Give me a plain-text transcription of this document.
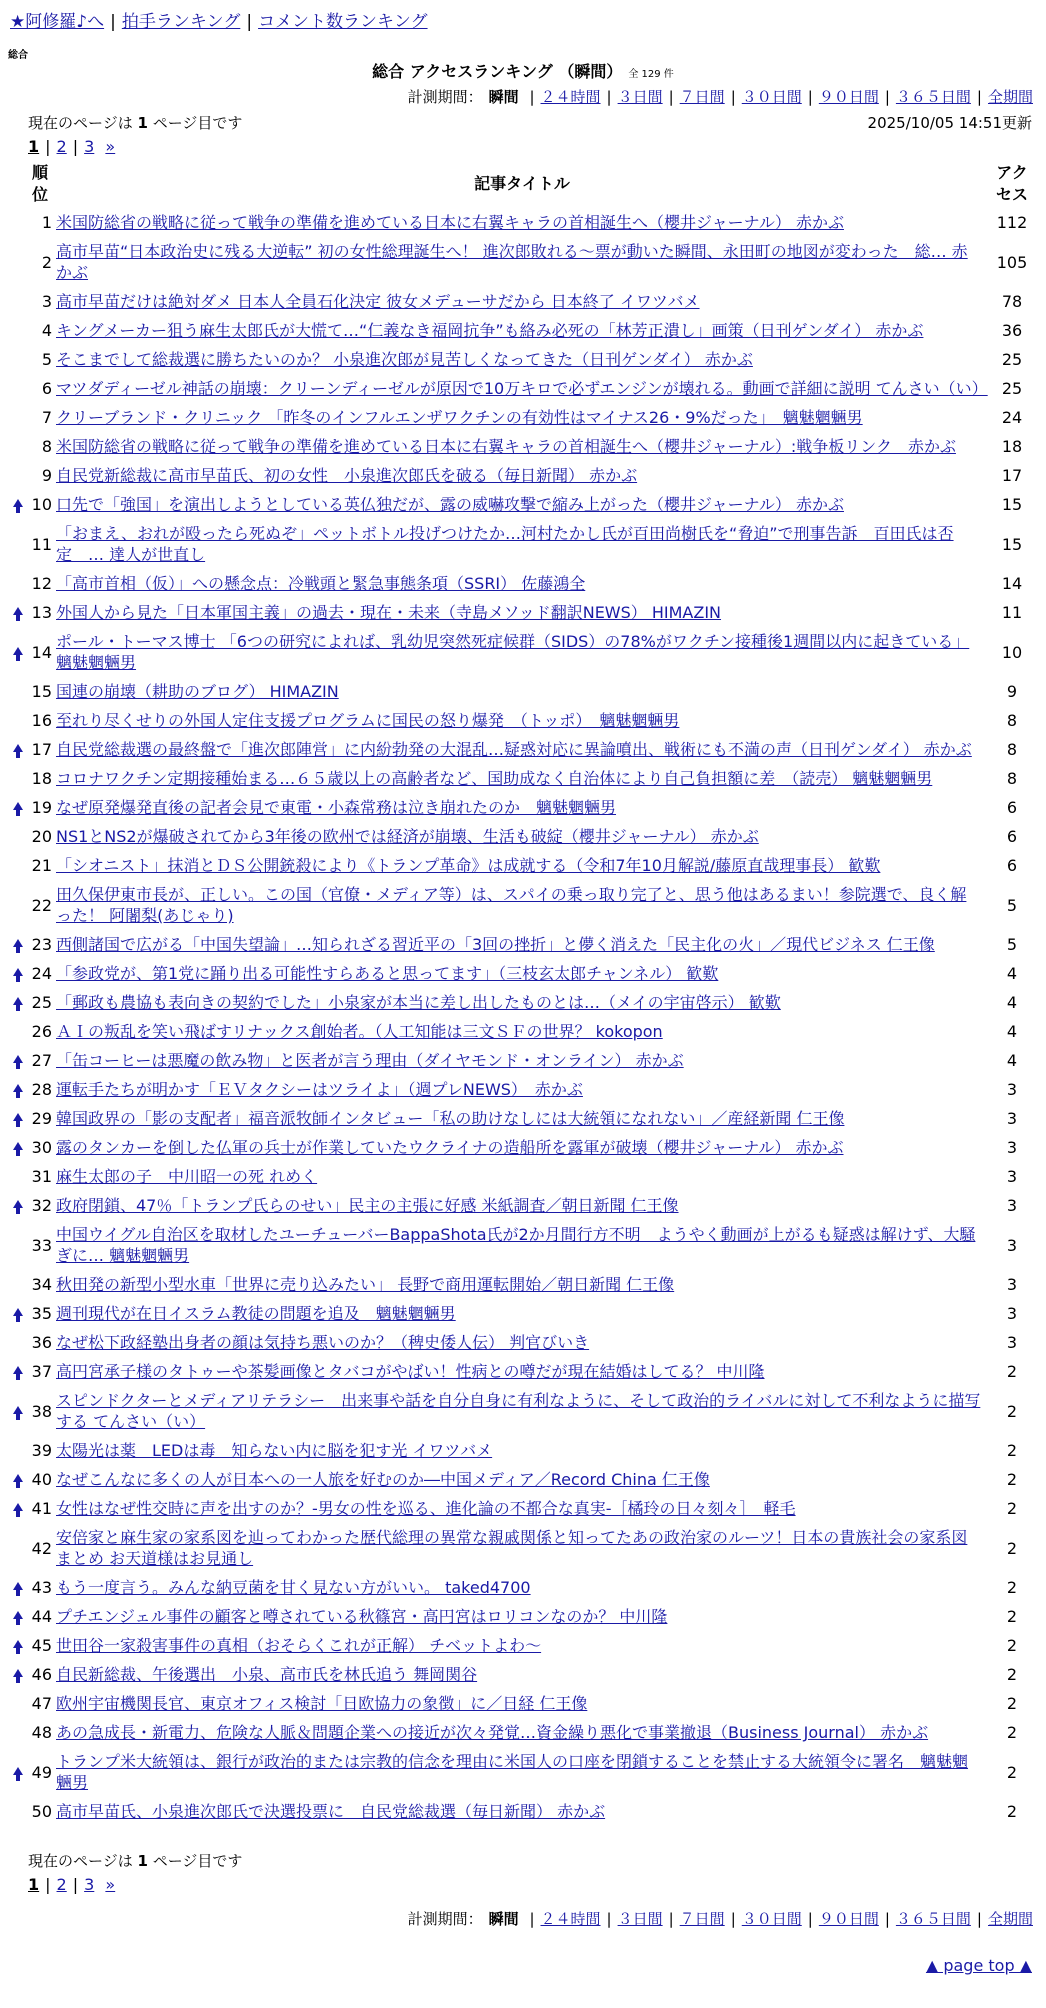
★阿修羅♪へ | 拍手ランキング | コメント数ランキング
総合
総合 アクセスランキング （瞬間） 全 129 件
計測期間： 瞬間 | ２４時間 | ３日間 | ７日間 | ３０日間 | ９０日間 | ３６５日間 | 全期間
現在のページは 1 ページ目です	2025/10/05 14:51更新
1 | 2 | 3 »
順位		記事タイトル	アクセス
	1	米国防総省の戦略に従って戦争の準備を進めている日本に右翼キャラの首相誕生へ（櫻井ジャーナル） 赤かぶ	112
	2	高市早苗“日本政治史に残る大逆転” 初の女性総理誕生へ！ 進次郎敗れる～票が動いた瞬間、永田町の地図が変わった　総… 赤かぶ	105
	3	高市早苗だけは絶対ダメ 日本人全員石化決定 彼女メデューサだから 日本終了 イワツバメ	78
	4	キングメーカー狙う麻生太郎氏が大慌て…“仁義なき福岡抗争”も絡み必死の「林芳正潰し」画策（日刊ゲンダイ） 赤かぶ	36
	5	そこまでして総裁選に勝ちたいのか？ 小泉進次郎が見苦しくなってきた（日刊ゲンダイ） 赤かぶ	25
	6	マツダディーゼル神話の崩壊：クリーンディーゼルが原因で10万キロで必ずエンジンが壊れる。動画で詳細に説明 てんさい（い）	25
	7	クリーブランド・クリニック 「昨冬のインフルエンザワクチンの有効性はマイナス26・9%だった」　魑魅魍魎男	24
	8	米国防総省の戦略に従って戦争の準備を進めている日本に右翼キャラの首相誕生へ（櫻井ジャーナル）:戦争板リンク　赤かぶ	18
	9	自民党新総裁に高市早苗氏、初の女性　小泉進次郎氏を破る（毎日新聞） 赤かぶ	17
	10	口先で「強国」を演出しようとしている英仏独だが、露の威嚇攻撃で縮み上がった（櫻井ジャーナル） 赤かぶ	15
	11	「おまえ、おれが殴ったら死ぬぞ」ペットボトル投げつけたか…河村たかし氏が百田尚樹氏を“脅迫”で刑事告訴　百田氏は否定　… 達人が世直し	15
	12	「高市首相（仮）」への懸念点：冷戦頭と緊急事態条項（SSRI） 佐藤鴻全	14
	13	外国人から見た「日本軍国主義」の過去・現在・未来（寺島メソッド翻訳NEWS） HIMAZIN	11
	14	ポール・トーマス博士 「6つの研究によれば、乳幼児突然死症候群（SIDS）の78%がワクチン接種後1週間以内に起きている」 魑魅魍魎男	10
	15	国連の崩壊（耕助のブログ） HIMAZIN	9
	16	至れり尽くせりの外国人定住支援プログラムに国民の怒り爆発　（トッポ）　魑魅魍魎男	8
	17	自民党総裁選の最終盤で「進次郎陣営」に内紛勃発の大混乱…疑惑対応に異論噴出、戦術にも不満の声（日刊ゲンダイ） 赤かぶ	8
	18	コロナワクチン定期接種始まる…６５歳以上の高齢者など、国助成なく自治体により自己負担額に差　（読売） 魑魅魍魎男	8
	19	なぜ原発爆発直後の記者会見で東電・小森常務は泣き崩れたのか　魑魅魍魎男	6
	20	NS1とNS2が爆破されてから3年後の欧州では経済が崩壊、生活も破綻（櫻井ジャーナル） 赤かぶ	6
	21	「シオニスト」抹消とＤＳ公開銃殺により《トランプ革命》は成就する（令和7年10月解説/藤原直哉理事長） 歓歎	6
	22	田久保伊東市長が、正しい。この国（官僚・メディア等）は、スパイの乗っ取り完了と、思う他はあるまい！参院選で、良く解った！ 阿闍梨(あじゃり)	5
	23	西側諸国で広がる「中国失望論」…知られざる習近平の「3回の挫折」と儚く消えた「民主化の火」／現代ビジネス 仁王像	5
	24	「参政党が、第1党に踊り出る可能性すらあると思ってます」（三枝玄太郎チャンネル） 歓歎	4
	25	「郵政も農協も表向きの契約でした」小泉家が本当に差し出したものとは…（メイの宇宙啓示） 歓歎	4
	26	ＡＩの叛乱を笑い飛ばすリナックス創始者。（人工知能は三文ＳＦの世界？ kokopon	4
	27	「缶コーヒーは悪魔の飲み物」と医者が言う理由（ダイヤモンド・オンライン） 赤かぶ	4
	28	運転手たちが明かす「ＥＶタクシーはツライよ」（週プレNEWS）　赤かぶ	3
	29	韓国政界の「影の支配者」福音派牧師インタビュー「私の助けなしには大統領になれない」／産経新聞 仁王像	3
	30	露のタンカーを倒した仏軍の兵士が作業していたウクライナの造船所を露軍が破壊（櫻井ジャーナル） 赤かぶ	3
	31	麻生太郎の子　中川昭一の死 れめく	3
	32	政府閉鎖、47％「トランプ氏らのせい」民主の主張に好感 米紙調査／朝日新聞 仁王像	3
	33	中国ウイグル自治区を取材したユーチューバーBappaShota氏が2か月間行方不明　ようやく動画が上がるも疑惑は解けず、大騒ぎに… 魑魅魍魎男	3
	34	秋田発の新型小型水車「世界に売り込みたい」 長野で商用運転開始／朝日新聞 仁王像	3
	35	週刊現代が在日イスラム教徒の問題を追及　魑魅魍魎男	3
	36	なぜ松下政経塾出身者の顔は気持ち悪いのか？（稗史倭人伝） 判官びいき	3
	37	高円宮承子様のタトゥーや茶髪画像とタバコがやばい！性病との噂だが現在結婚はしてる？ 中川隆	2
	38	スピンドクターとメディアリテラシー　出来事や話を自分自身に有利なように、そして政治的ライバルに対して不利なように描写する てんさい（い）	2
	39	太陽光は薬　LEDは毒　知らない内に脳を犯す光 イワツバメ	2
	40	なぜこんなに多くの人が日本への一人旅を好むのか―中国メディア／Record China 仁王像	2
	41	女性はなぜ性交時に声を出すのか？-男女の性を巡る、進化論の不都合な真実-［橘玲の日々刻々］　軽毛	2
	42	安倍家と麻生家の家系図を辿ってわかった歴代総理の異常な親戚関係と知ってたあの政治家のルーツ！日本の貴族社会の家系図まとめ お天道様はお見通し	2
	43	もう一度言う。みんな納豆菌を甘く見ない方がいい。 taked4700	2
	44	プチエンジェル事件の顧客と噂されている秋篠宮・高円宮はロリコンなのか？ 中川隆	2
	45	世田谷一家殺害事件の真相（おそらくこれが正解） チベットよわ～	2
	46	自民新総裁、午後選出　小泉、高市氏を林氏追う 舞岡関谷	2
	47	欧州宇宙機関長官、東京オフィス検討「日欧協力の象徴」に／日経 仁王像	2
	48	あの急成長・新電力、危険な人脈＆問題企業への接近が次々発覚…資金繰り悪化で事業撤退（Business Journal） 赤かぶ	2
	49	トランプ米大統領は、銀行が政治的または宗教的信念を理由に米国人の口座を閉鎖することを禁止する大統領令に署名　魑魅魍魎男	2
	50	高市早苗氏、小泉進次郎氏で決選投票に　自民党総裁選（毎日新聞） 赤かぶ	2
現在のページは 1 ページ目です
1 | 2 | 3 »
計測期間： 瞬間 | ２４時間 | ３日間 | ７日間 | ３０日間 | ９０日間 | ３６５日間 | 全期間
▲ page top ▲
